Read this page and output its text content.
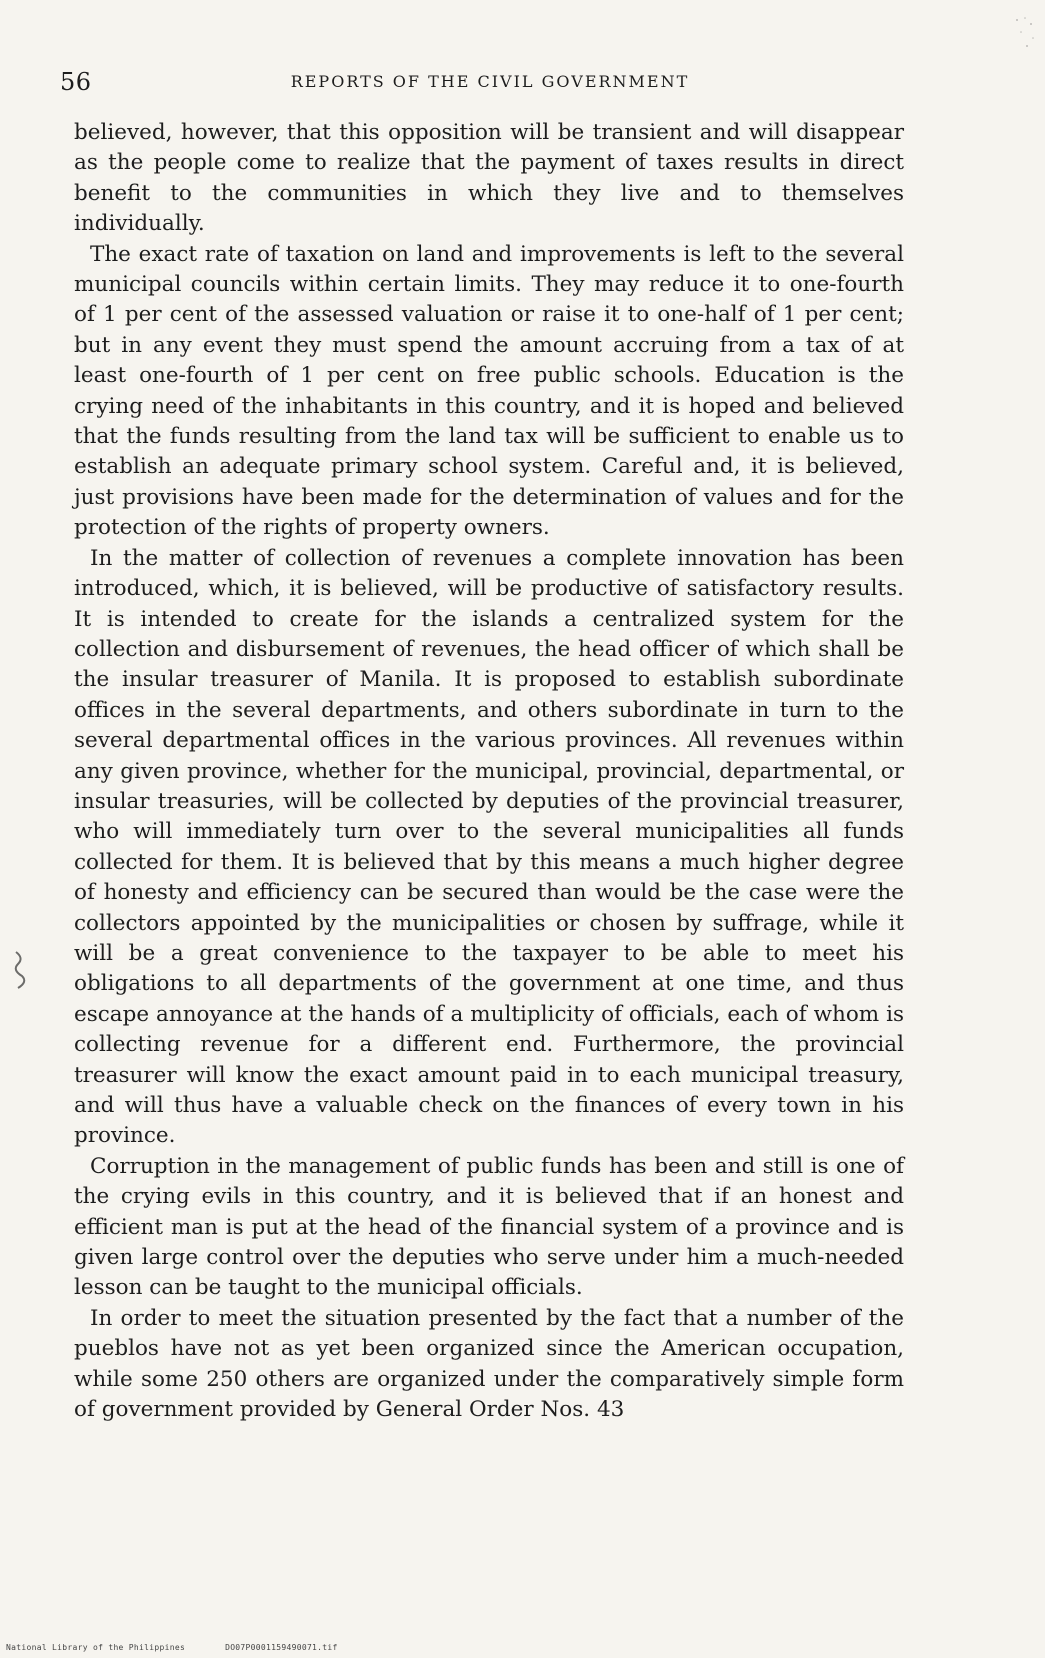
56	REPORTS OF THE CIVIL GOVERNMENT

believed, however, that this opposition will be transient and will disappear as the people come to realize that the payment of taxes results in direct benefit to the communities in which they live and to themselves individually.

The exact rate of taxation on land and improvements is left to the several municipal councils within certain limits. They may reduce it to one-fourth of 1 per cent of the assessed valuation or raise it to one-half of 1 per cent; but in any event they must spend the amount accruing from a tax of at least one-fourth of 1 per cent on free public schools. Education is the crying need of the inhabitants in this country, and it is hoped and believed that the funds resulting from the land tax will be sufficient to enable us to establish an adequate primary school system. Careful and, it is believed, just provisions have been made for the determination of values and for the protection of the rights of property owners.

In the matter of collection of revenues a complete innovation has been introduced, which, it is believed, will be productive of satisfactory results. It is intended to create for the islands a centralized system for the collection and disbursement of revenues, the head officer of which shall be the insular treasurer of Manila. It is proposed to establish subordinate offices in the several departments, and others subordinate in turn to the several departmental offices in the various provinces. All revenues within any given province, whether for the municipal, provincial, departmental, or insular treasuries, will be collected by deputies of the provincial treasurer, who will immediately turn over to the several municipalities all funds collected for them. It is believed that by this means a much higher degree of honesty and efficiency can be secured than would be the case were the collectors appointed by the municipalities or chosen by suffrage, while it will be a great convenience to the taxpayer to be able to meet his obligations to all departments of the government at one time, and thus escape annoyance at the hands of a multiplicity of officials, each of whom is collecting revenue for a different end. Furthermore, the provincial treasurer will know the exact amount paid in to each municipal treasury, and will thus have a valuable check on the finances of every town in his province.

Corruption in the management of public funds has been and still is one of the crying evils in this country, and it is believed that if an honest and efficient man is put at the head of the financial system of a province and is given large control over the deputies who serve under him a much-needed lesson can be taught to the municipal officials.

In order to meet the situation presented by the fact that a number of the pueblos have not as yet been organized since the American occupation, while some 250 others are organized under the comparatively simple form of government provided by General Order Nos. 43

National Library of the Philippines	DO07P0001159490071.tif
